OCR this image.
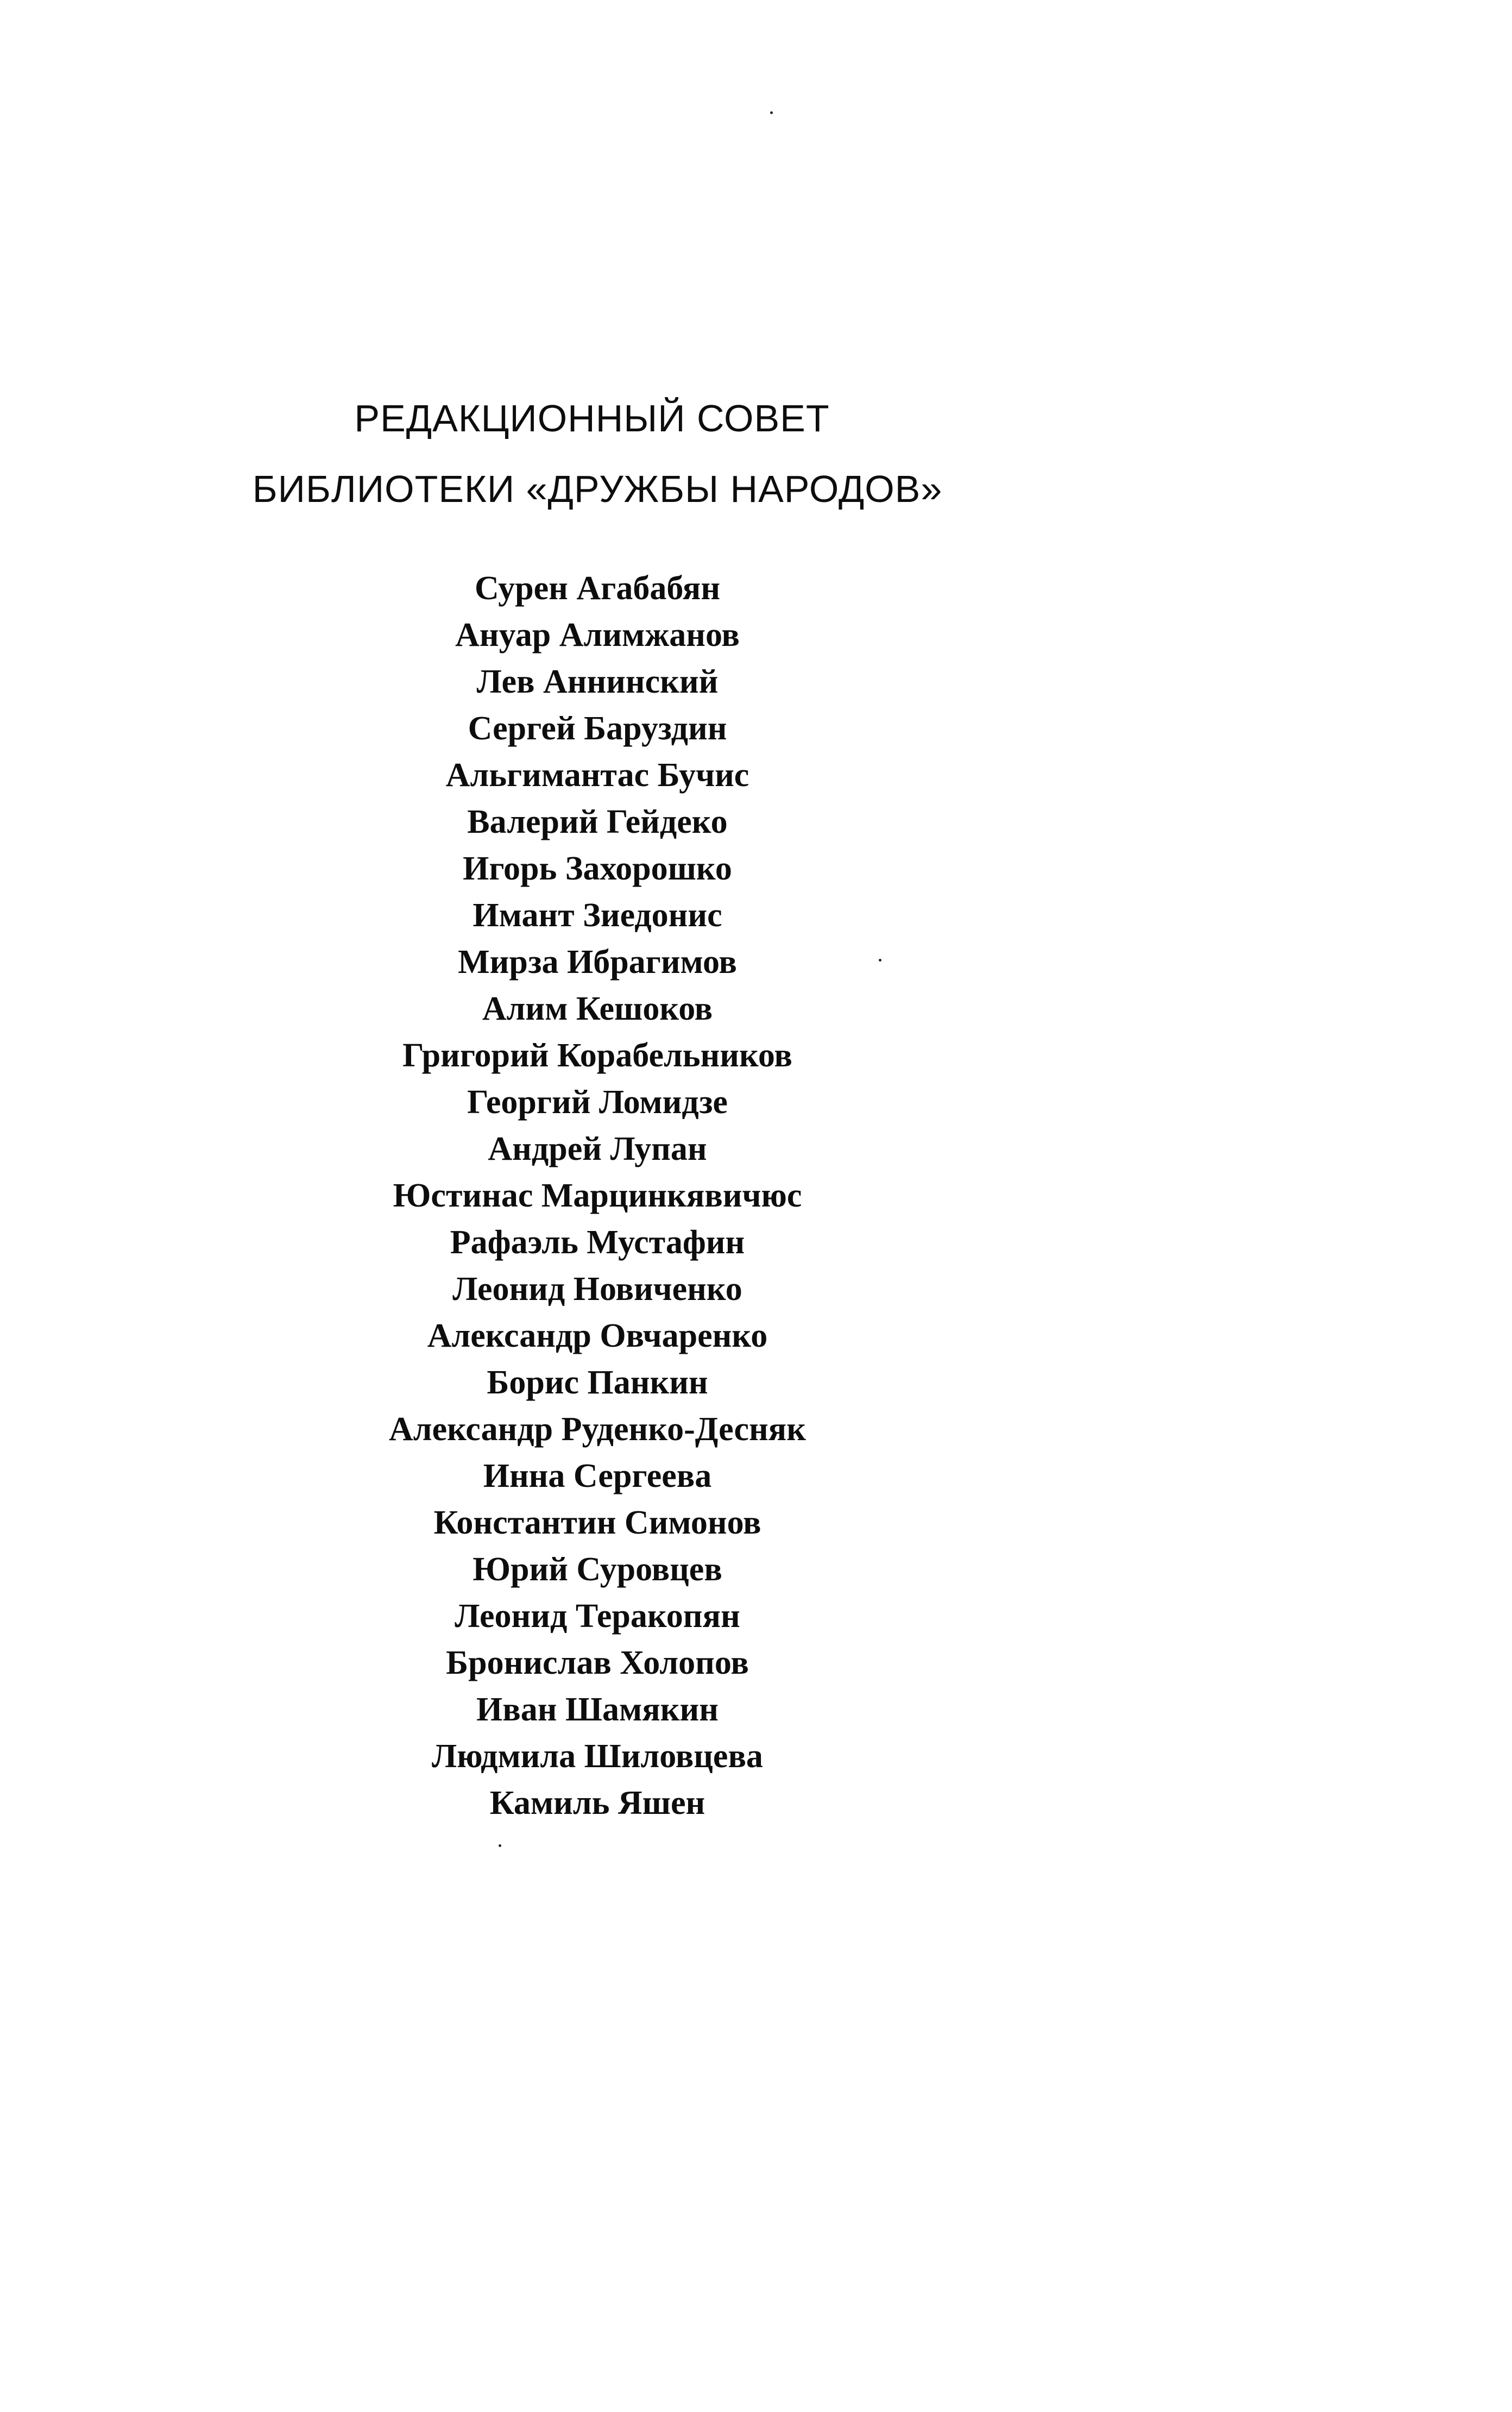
РЕДАКЦИОННЫЙ СОВЕТ
БИБЛИОТЕКИ «ДРУЖБЫ НАРОДОВ»
Сурен Агабабян
Ануар Алимжанов
Лев Аннинский
Сергей Баруздин
Альгимантас Бучис
Валерий Гейдеко
Игорь Захорошко
Имант Зиедонис
Мирза Ибрагимов
Алим Кешоков
Григорий Корабельников
Георгий Ломидзе
Андрей Лупан
Юстинас Марцинкявичюс
Рафаэль Мустафин
Леонид Новиченко
Александр Овчаренко
Борис Панкин
Александр Руденко-Десняк
Инна Сергеева
Константин Симонов
Юрий Суровцев
Леонид Теракопян
Бронислав Холопов
Иван Шамякин
Людмила Шиловцева
Камиль Яшен
